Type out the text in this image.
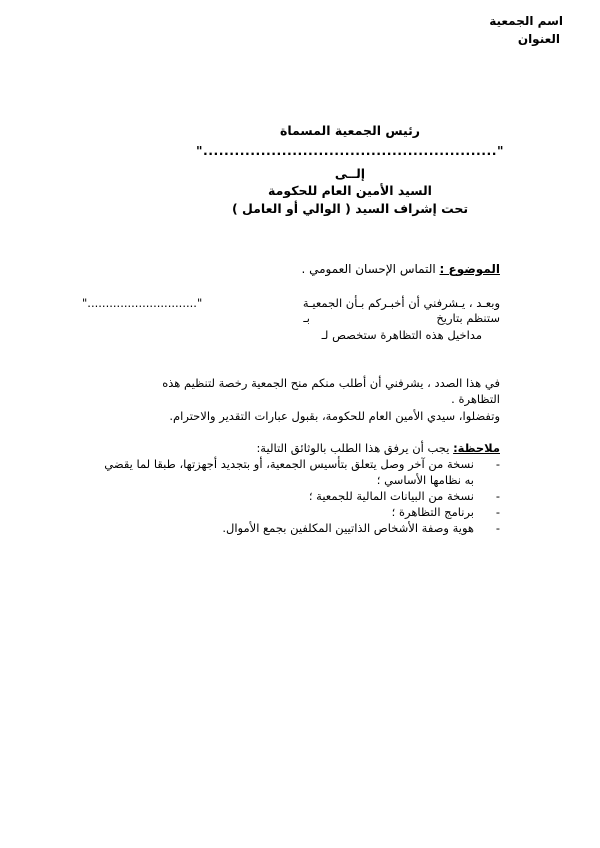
اسم الجمعية
العنوان
رئيس الجمعية المسماة
"........................................................"
إلــى
السيد الأمين العام للحكومة
تحت إشراف السيد ( الوالي أو العامل )
الموضوع : التماس الإحسان العمومي .
وبعـد ، يـشرفني أن أخبـركم بـأن الجمعيـة
".............................."
ستنظم بتاريخ
بـ
مداخيل هذه التظاهرة ستخصص لـ
في هذا الصدد ، يشرفني أن أطلب منكم منح الجمعية رخصة لتنظيم هذه
التظاهرة .
وتفضلوا، سيدي الأمين العام للحكومة، بقبول عبارات التقدير والاحترام.
ملاحظة: يجب أن يرفق هذا الطلب بالوثائق التالية:
-
نسخة من آخر وصل يتعلق بتأسيس الجمعية، أو بتجديد أجهزتها، طبقا لما يقضي
به نظامها الأساسي ؛
-
نسخة من البيانات المالية للجمعية ؛
-
برنامج التظاهرة ؛
-
هوية وصفة الأشخاص الذاتيين المكلفين بجمع الأموال.
